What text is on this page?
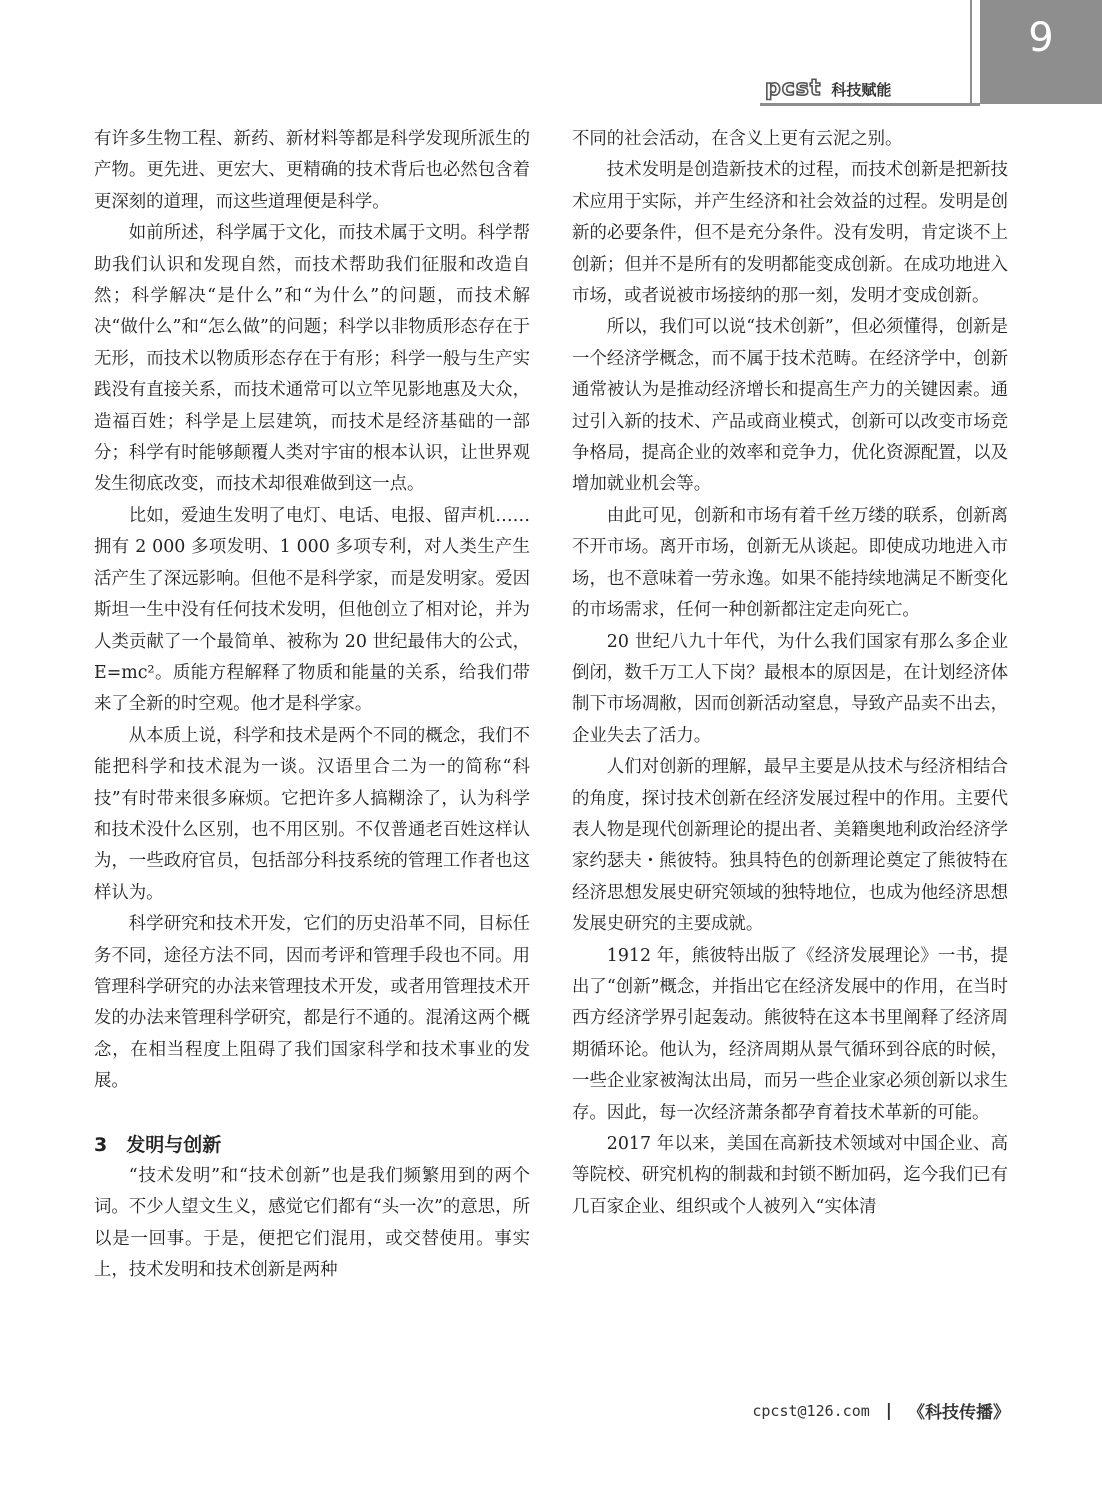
9
pcst 科技赋能

有许多生物工程、新药、新材料等都是科学发现所派生的产物。更先进、更宏大、更精确的技术背后也必然包含着更深刻的道理，而这些道理便是科学。

如前所述，科学属于文化，而技术属于文明。科学帮助我们认识和发现自然，而技术帮助我们征服和改造自然；科学解决“是什么”和“为什么”的问题，而技术解决“做什么”和“怎么做”的问题；科学以非物质形态存在于无形，而技术以物质形态存在于有形；科学一般与生产实践没有直接关系，而技术通常可以立竿见影地惠及大众，造福百姓；科学是上层建筑，而技术是经济基础的一部分；科学有时能够颠覆人类对宇宙的根本认识，让世界观发生彻底改变，而技术却很难做到这一点。

比如，爱迪生发明了电灯、电话、电报、留声机……拥有 2 000 多项发明、1 000 多项专利，对人类生产生活产生了深远影响。但他不是科学家，而是发明家。爱因斯坦一生中没有任何技术发明，但他创立了相对论，并为人类贡献了一个最简单、被称为 20 世纪最伟大的公式，E=mc²。质能方程解释了物质和能量的关系，给我们带来了全新的时空观。他才是科学家。

从本质上说，科学和技术是两个不同的概念，我们不能把科学和技术混为一谈。汉语里合二为一的简称“科技”有时带来很多麻烦。它把许多人搞糊涂了，认为科学和技术没什么区别，也不用区别。不仅普通老百姓这样认为，一些政府官员，包括部分科技系统的管理工作者也这样认为。

科学研究和技术开发，它们的历史沿革不同，目标任务不同，途径方法不同，因而考评和管理手段也不同。用管理科学研究的办法来管理技术开发，或者用管理技术开发的办法来管理科学研究，都是行不通的。混淆这两个概念，在相当程度上阻碍了我们国家科学和技术事业的发展。

3　发明与创新

“技术发明”和“技术创新”也是我们频繁用到的两个词。不少人望文生义，感觉它们都有“头一次”的意思，所以是一回事。于是，便把它们混用，或交替使用。事实上，技术发明和技术创新是两种

不同的社会活动，在含义上更有云泥之别。

技术发明是创造新技术的过程，而技术创新是把新技术应用于实际，并产生经济和社会效益的过程。发明是创新的必要条件，但不是充分条件。没有发明，肯定谈不上创新；但并不是所有的发明都能变成创新。在成功地进入市场，或者说被市场接纳的那一刻，发明才变成创新。

所以，我们可以说“技术创新”，但必须懂得，创新是一个经济学概念，而不属于技术范畴。在经济学中，创新通常被认为是推动经济增长和提高生产力的关键因素。通过引入新的技术、产品或商业模式，创新可以改变市场竞争格局，提高企业的效率和竞争力，优化资源配置，以及增加就业机会等。

由此可见，创新和市场有着千丝万缕的联系，创新离不开市场。离开市场，创新无从谈起。即使成功地进入市场，也不意味着一劳永逸。如果不能持续地满足不断变化的市场需求，任何一种创新都注定走向死亡。

20 世纪八九十年代，为什么我们国家有那么多企业倒闭，数千万工人下岗？最根本的原因是，在计划经济体制下市场凋敝，因而创新活动窒息，导致产品卖不出去，企业失去了活力。

人们对创新的理解，最早主要是从技术与经济相结合的角度，探讨技术创新在经济发展过程中的作用。主要代表人物是现代创新理论的提出者、美籍奥地利政治经济学家约瑟夫・熊彼特。独具特色的创新理论奠定了熊彼特在经济思想发展史研究领域的独特地位，也成为他经济思想发展史研究的主要成就。

1912 年，熊彼特出版了《经济发展理论》一书，提出了“创新”概念，并指出它在经济发展中的作用，在当时西方经济学界引起轰动。熊彼特在这本书里阐释了经济周期循环论。他认为，经济周期从景气循环到谷底的时候，一些企业家被淘汰出局，而另一些企业家必须创新以求生存。因此，每一次经济萧条都孕育着技术革新的可能。

2017 年以来，美国在高新技术领域对中国企业、高等院校、研究机构的制裁和封锁不断加码，迄今我们已有几百家企业、组织或个人被列入“实体清

cpcst@126.com | 《科技传播》
